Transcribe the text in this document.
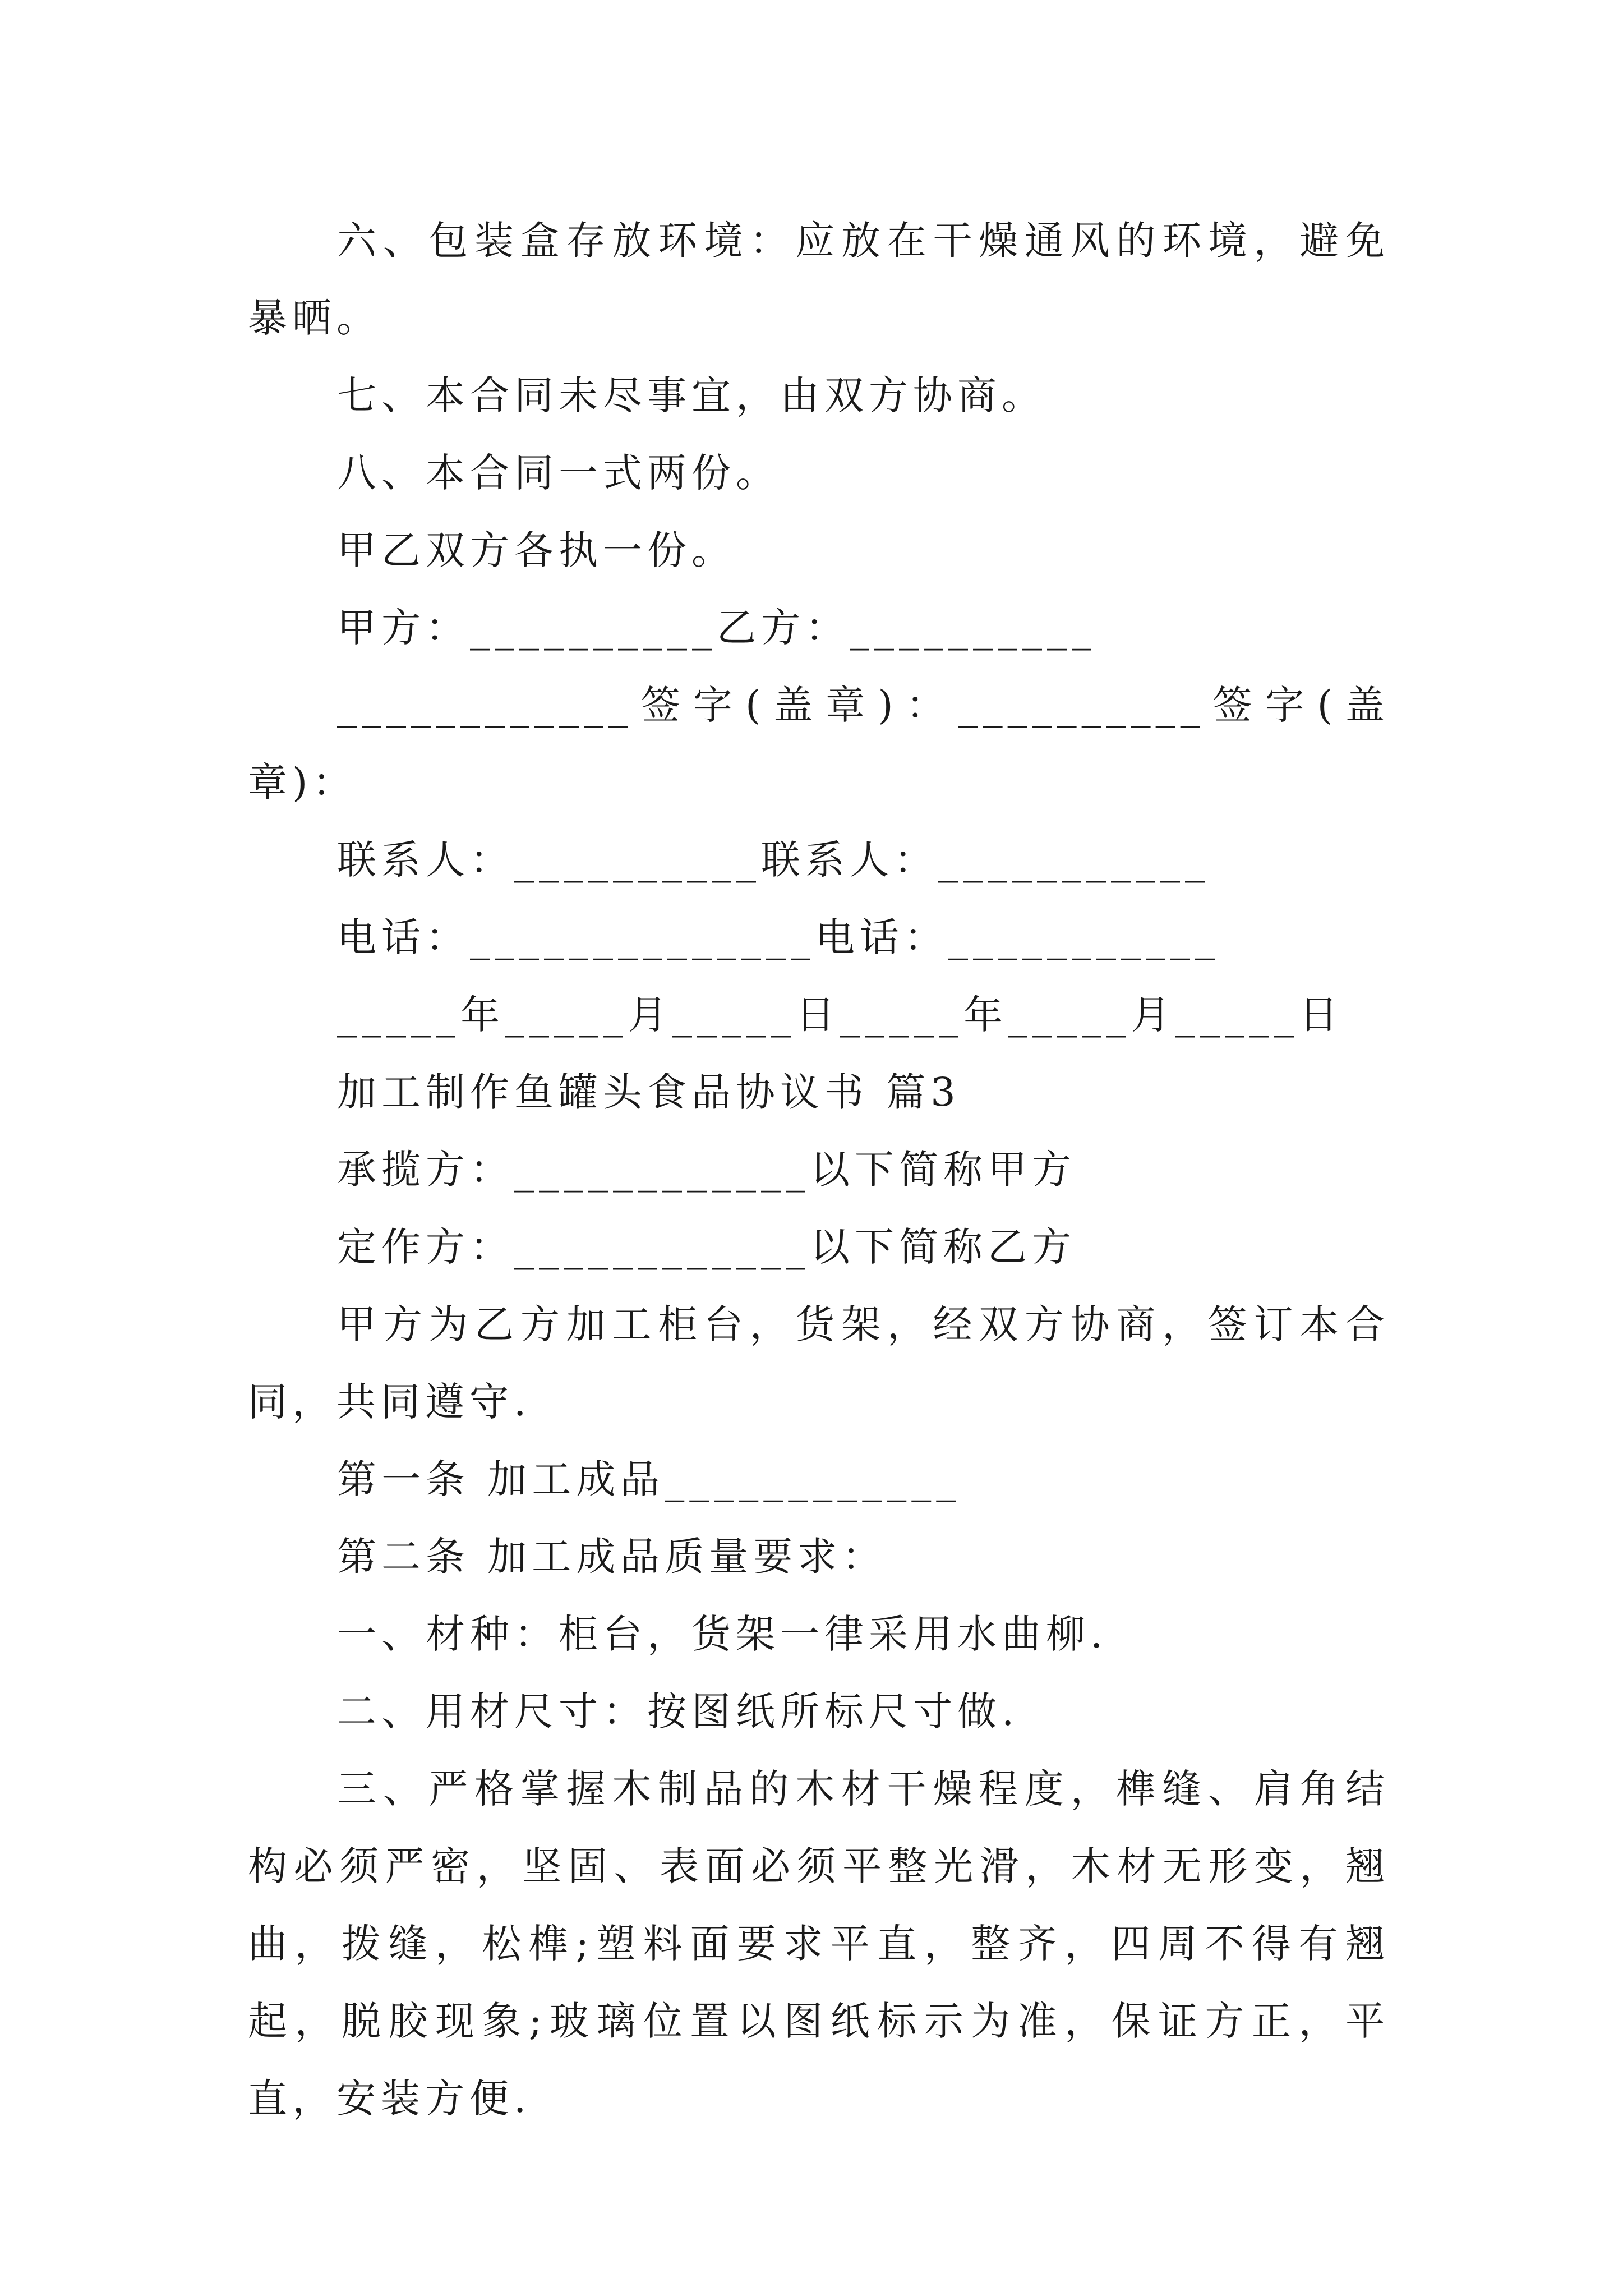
六、包装盒存放环境：应放在干燥通风的环境，避免暴晒。

七、本合同未尽事宜，由双方协商。

八、本合同一式两份。

甲乙双方各执一份。

甲方：__________乙方：__________

____________签字(盖章)：__________签字(盖章)：

联系人：__________联系人：___________

电话：______________电话：___________

_____年_____月_____日_____年_____月_____日

加工制作鱼罐头食品协议书 篇3

承揽方：____________以下简称甲方

定作方：____________以下简称乙方

甲方为乙方加工柜台，货架，经双方协商，签订本合同，共同遵守.

第一条 加工成品____________

第二条 加工成品质量要求：

一、材种：柜台，货架一律采用水曲柳.

二、用材尺寸：按图纸所标尺寸做.

三、严格掌握木制品的木材干燥程度，榫缝、肩角结构必须严密，坚固、表面必须平整光滑，木材无形变，翘曲，拨缝，松榫;塑料面要求平直，整齐，四周不得有翘起，脱胶现象;玻璃位置以图纸标示为准，保证方正，平直，安装方便.
